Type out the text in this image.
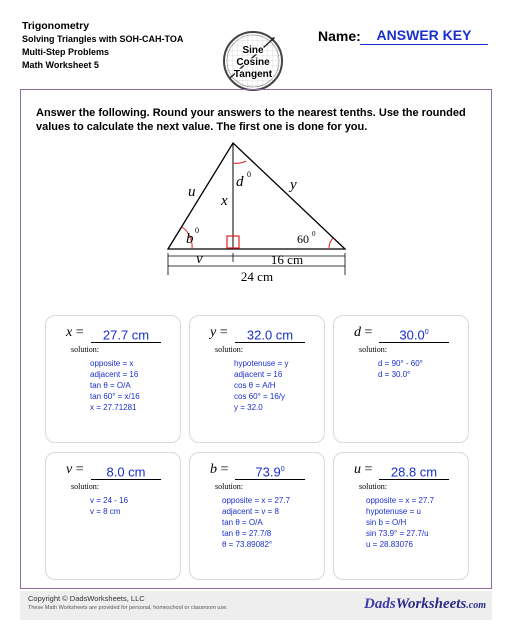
Trigonometry
Solving Triangles with SOH-CAH-TOA
Multi-Step Problems
Math Worksheet 5
Sine
Cosine
Tangent
Name:	ANSWER KEY
Answer the following. Round your answers to the nearest tenths. Use the rounded values to calculate the next value. The first one is done for you.
u	y
x
d 0
b
0
60 0
v	16 cm
24 cm
x =	27.7 cm
solution:
opposite = x
adjacent = 16
tan θ = O/A
tan 60° = x/16
x = 27.71281
y =	32.0 cm
solution:
hypotenuse = y
adjacent = 16
cos θ = A/H
cos 60° = 16/y
y = 32.0
d =	$30.0^0$
solution:
d = 90° - 60°
d = 30.0°
v =	8.0 cm
solution:
v = 24 - 16
v = 8 cm
b =	$73.9^0$
solution:
opposite = x = 27.7
adjacent = v = 8
tan θ = O/A
tan θ = 27.7/8
θ = 73.89082°
u =	28.8 cm
solution:
opposite = x = 27.7
hypotenuse = u
sin b = O/H
sin 73.9° = 27.7/u
u = 28.83076
Copyright © DadsWorksheets, LLC
These Math Worksheets are provided for personal, homeschool or classroom use.	DadsWorksheets.com
